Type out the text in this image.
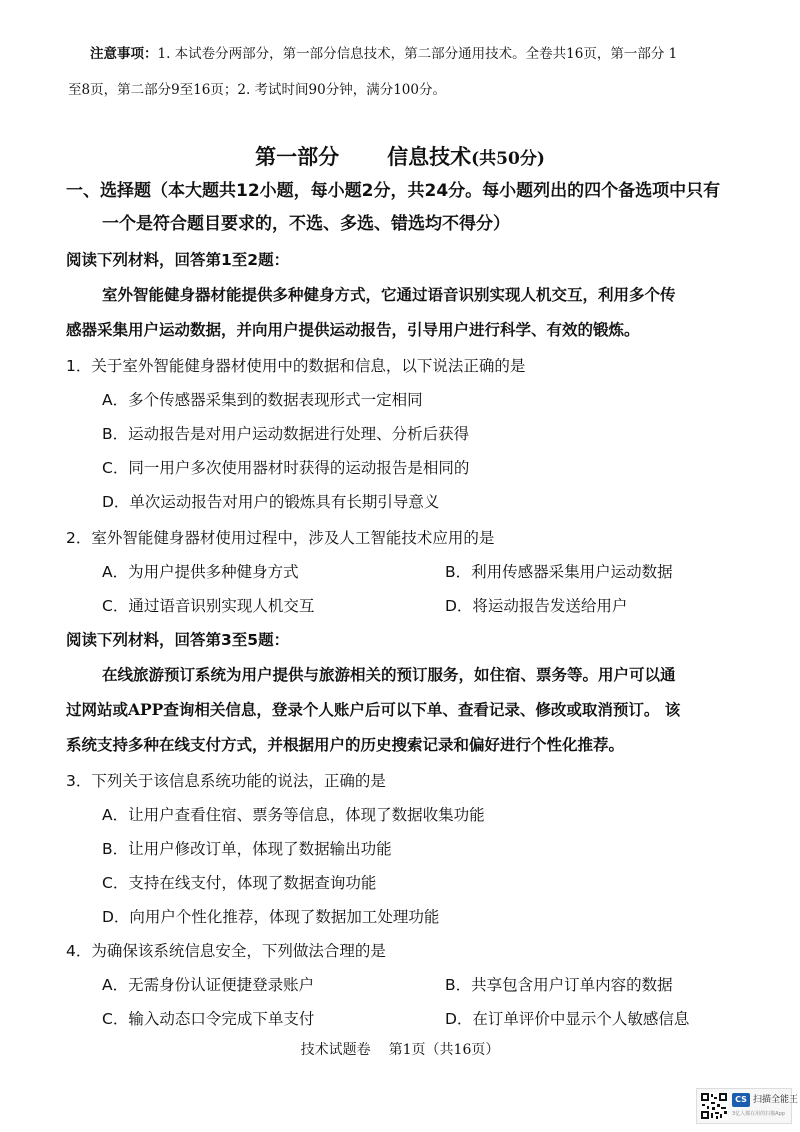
注意事项：1. 本试卷分两部分，第一部分信息技术，第二部分通用技术。全卷共16页，第一部分 1
至8页，第二部分9至16页；2. 考试时间90分钟，满分100分。
第一部分 信息技术(共50分)
一、选择题（本大题共12小题，每小题2分，共24分。每小题列出的四个备选项中只有
一个是符合题目要求的，不选、多选、错选均不得分）
阅读下列材料，回答第1至2题：
室外智能健身器材能提供多种健身方式，它通过语音识别实现人机交互，利用多个传
感器采集用户运动数据，并向用户提供运动报告，引导用户进行科学、有效的锻炼。
1．关于室外智能健身器材使用中的数据和信息，以下说法正确的是
A．多个传感器采集到的数据表现形式一定相同
B．运动报告是对用户运动数据进行处理、分析后获得
C．同一用户多次使用器材时获得的运动报告是相同的
D．单次运动报告对用户的锻炼具有长期引导意义
2．室外智能健身器材使用过程中，涉及人工智能技术应用的是
A．为用户提供多种健身方式	B．利用传感器采集用户运动数据
C．通过语音识别实现人机交互	D．将运动报告发送给用户
阅读下列材料，回答第3至5题：
在线旅游预订系统为用户提供与旅游相关的预订服务，如住宿、票务等。用户可以通
过网站或APP查询相关信息，登录个人账户后可以下单、查看记录、修改或取消预订。 该
系统支持多种在线支付方式，并根据用户的历史搜索记录和偏好进行个性化推荐。
3．下列关于该信息系统功能的说法，正确的是
A．让用户查看住宿、票务等信息，体现了数据收集功能
B．让用户修改订单，体现了数据输出功能
C．支持在线支付，体现了数据查询功能
D．向用户个性化推荐，体现了数据加工处理功能
4．为确保该系统信息安全，下列做法合理的是
A．无需身份认证便捷登录账户	B．共享包含用户订单内容的数据
C．输入动态口令完成下单支付	D．在订单评价中显示个人敏感信息
技术试题卷 第1页（共16页）
CS 扫描全能王
3亿人都在用的扫描App
